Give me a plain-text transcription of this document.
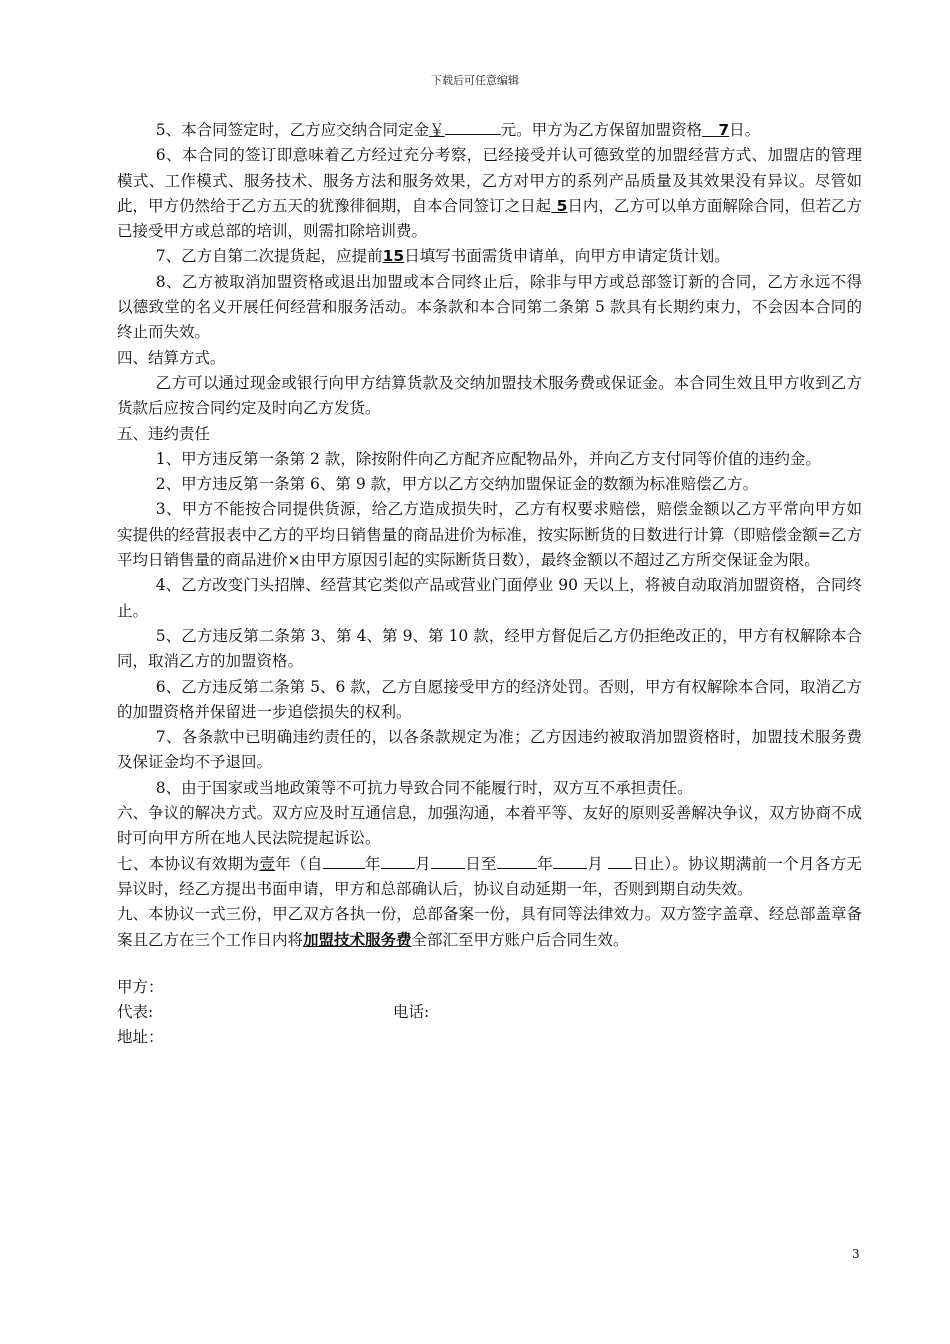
下载后可任意编辑

5、本合同签定时，乙方应交纳合同定金￥	元。甲方为乙方保留加盟资格 7日。

6、本合同的签订即意味着乙方经过充分考察，已经接受并认可德致堂的加盟经营方式、加盟店的管理模式、工作模式、服务技术、服务方法和服务效果，乙方对甲方的系列产品质量及其效果没有异议。尽管如此，甲方仍然给于乙方五天的犹豫徘徊期，自本合同签订之日起 5日内，乙方可以单方面解除合同，但若乙方已接受甲方或总部的培训，则需扣除培训费。

7、乙方自第二次提货起，应提前15日填写书面需货申请单，向甲方申请定货计划。

8、乙方被取消加盟资格或退出加盟或本合同终止后，除非与甲方或总部签订新的合同，乙方永远不得以德致堂的名义开展任何经营和服务活动。本条款和本合同第二条第 5 款具有长期约束力，不会因本合同的终止而失效。

四、结算方式。

乙方可以通过现金或银行向甲方结算货款及交纳加盟技术服务费或保证金。本合同生效且甲方收到乙方货款后应按合同约定及时向乙方发货。

五、违约责任

1、甲方违反第一条第 2 款，除按附件向乙方配齐应配物品外，并向乙方支付同等价值的违约金。

2、甲方违反第一条第 6、第 9 款，甲方以乙方交纳加盟保证金的数额为标准赔偿乙方。

3、甲方不能按合同提供货源，给乙方造成损失时，乙方有权要求赔偿，赔偿金额以乙方平常向甲方如实提供的经营报表中乙方的平均日销售量的商品进价为标准，按实际断货的日数进行计算（即赔偿金额=乙方平均日销售量的商品进价×由甲方原因引起的实际断货日数），最终金额以不超过乙方所交保证金为限。

4、乙方改变门头招牌、经营其它类似产品或营业门面停业 90 天以上，将被自动取消加盟资格，合同终止。

5、乙方违反第二条第 3、第 4、第 9、第 10 款，经甲方督促后乙方仍拒绝改正的，甲方有权解除本合同，取消乙方的加盟资格。

6、乙方违反第二条第 5、6 款，乙方自愿接受甲方的经济处罚。否则，甲方有权解除本合同，取消乙方的加盟资格并保留进一步追偿损失的权利。

7、各条款中已明确违约责任的，以各条款规定为准；乙方因违约被取消加盟资格时，加盟技术服务费及保证金均不予退回。

8、由于国家或当地政策等不可抗力导致合同不能履行时，双方互不承担责任。

六、争议的解决方式。双方应及时互通信息，加强沟通，本着平等、友好的原则妥善解决争议，双方协商不成时可向甲方所在地人民法院提起诉讼。

七、本协议有效期为壹年（自	年 月 日至	年 月 日止）。协议期满前一个月各方无异议时，经乙方提出书面申请，甲方和总部确认后，协议自动延期一年，否则到期自动失效。

九、本协议一式三份，甲乙双方各执一份，总部备案一份，具有同等法律效力。双方签字盖章、经总部盖章备案且乙方在三个工作日内将加盟技术服务费全部汇至甲方账户后合同生效。

甲方：

代表:	电话:

地址：

3
